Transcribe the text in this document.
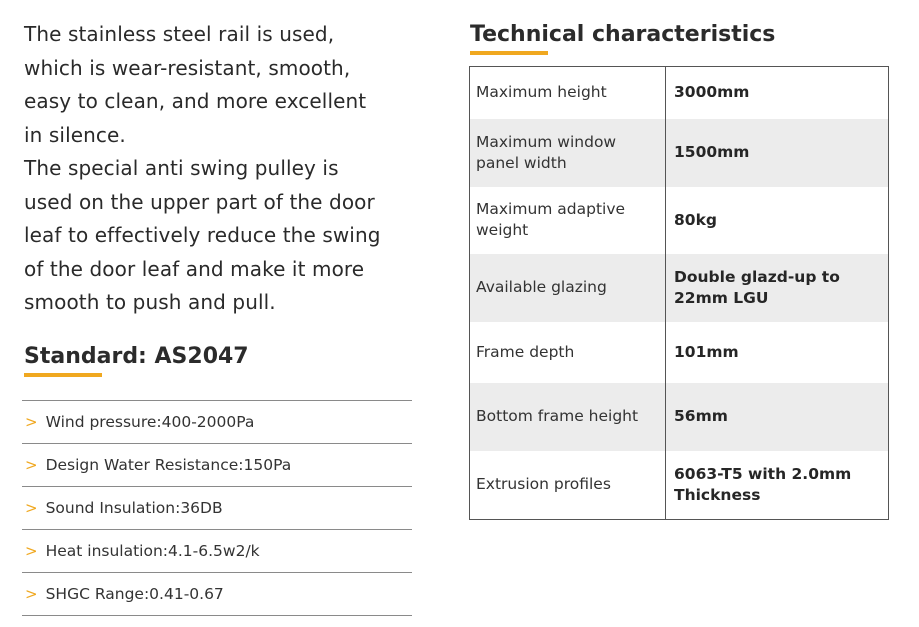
The stainless steel rail is used, which is wear-resistant, smooth, easy to clean, and more excellent in silence.

The special anti swing pulley is used on the upper part of the door leaf to effectively reduce the swing of the door leaf and make it more smooth to push and pull.

Standard: AS2047
> Wind pressure:400-2000Pa
> Design Water Resistance:150Pa
> Sound Insulation:36DB
> Heat insulation:4.1-6.5w2/k
> SHGC Range:0.41-0.67
Technical characteristics
Maximum height	3000mm
Maximum window panel width	1500mm
Maximum adaptive weight	80kg
Available glazing	Double glazd-up to 22mm LGU
Frame depth	101mm
Bottom frame height	56mm
Extrusion profiles	6063-T5 with 2.0mm Thickness
